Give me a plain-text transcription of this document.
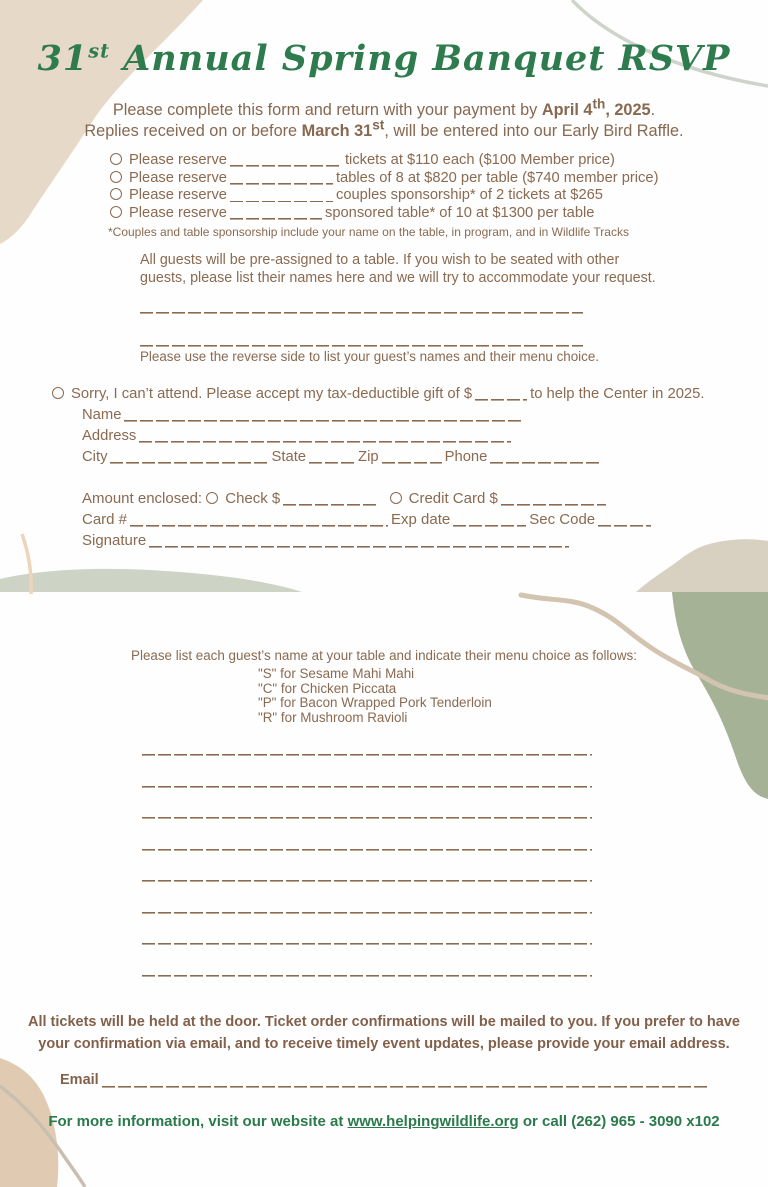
31st Annual Spring Banquet RSVP
Please complete this form and return with your payment by April 4th, 2025.
Replies received on or before March 31st, will be entered into our Early Bird Raffle.
Please reserve	tickets at $110 each ($100 Member price)
Please reserve	tables of 8 at $820 per table ($740 member price)
Please reserve	couples sponsorship* of 2 tickets at $265
Please reserve	sponsored table* of 10 at $1300 per table
*Couples and table sponsorship include your name on the table, in program, and in Wildlife Tracks
All guests will be pre-assigned to a table. If you wish to be seated with other
guests, please list their names here and we will try to accommodate your request.
Please use the reverse side to list your guest’s names and their menu choice.
Sorry, I can’t attend. Please accept my tax-deductible gift of $	to help the Center in 2025.
Name
Address
City	State	Zip	Phone
Amount enclosed: Check $	Credit Card $
Card #	Exp date	Sec Code
Signature
Please list each guest’s name at your table and indicate their menu choice as follows:
"S" for Sesame Mahi Mahi
"C" for Chicken Piccata
"P" for Bacon Wrapped Pork Tenderloin
"R" for Mushroom Ravioli
All tickets will be held at the door. Ticket order confirmations will be mailed to you. If you prefer to have
your confirmation via email, and to receive timely event updates, please provide your email address.
Email
For more information, visit our website at www.helpingwildlife.org or call (262) 965 - 3090 x102
